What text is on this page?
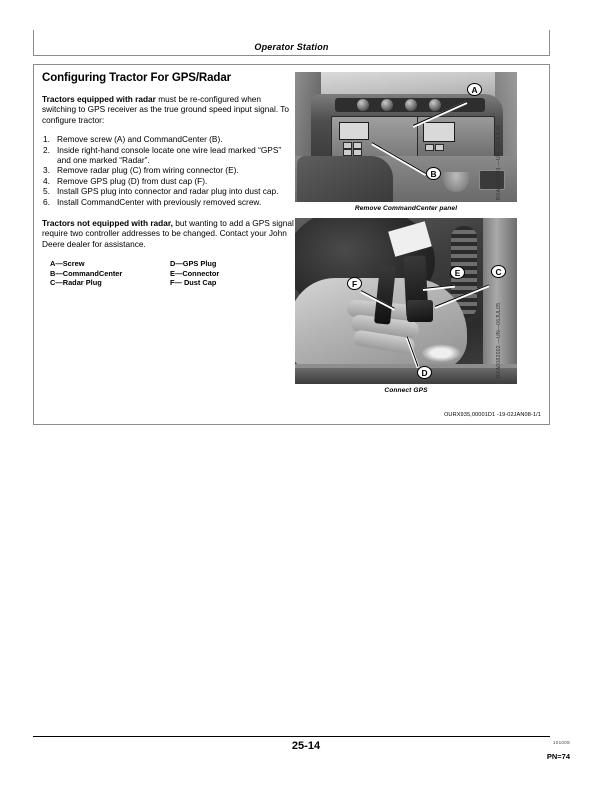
Operator Station
Configuring Tractor For GPS/Radar

Tractors equipped with radar must be re-configured when switching to GPS receiver as the true ground speed input signal. To configure tractor:

1. Remove screw (A) and CommandCenter (B).
2. Inside right-hand console locate one wire lead marked “GPS” and one marked “Radar”.
3. Remove radar plug (C) from wiring connector (E).
4. Remove GPS plug (D) from dust cap (F).
5. Install GPS plug into connector and radar plug into dust cap.
6. Install CommandCenter with previously removed screw.

Tractors not equipped with radar, but wanting to add a GPS signal require two controller addresses to be changed. Contact your John Deere dealer for assistance.

A—Screw	D—GPS Plug
B—CommandCenter	E—Connector
C—Radar Plug	F— Dust Cap
A
B
Remove CommandCenter panel
F
E	C
D
Connect GPS
OURX935,00001D1 -19-02JAN08-1/1
RXA0082001 —UN—06JUL05
RXA0082002 —UN—06JUL05
25-14	101008
PN=74
